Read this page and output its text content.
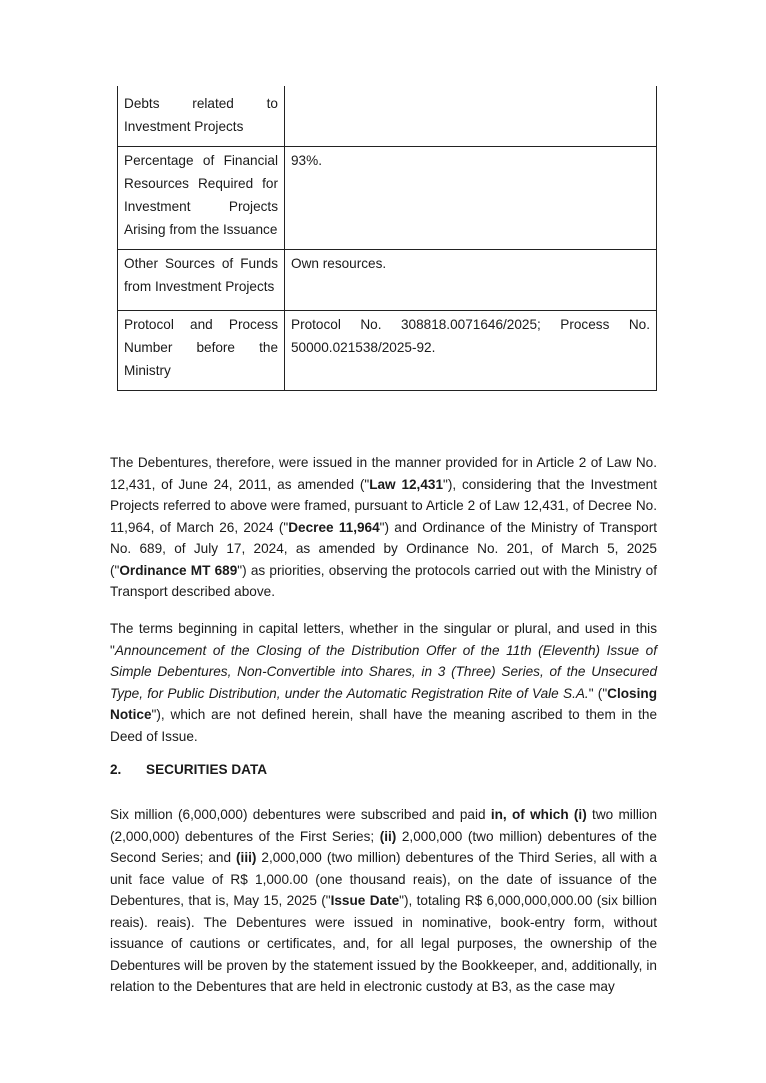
Debts related to Investment Projects	
Percentage of Financial Resources Required for Investment Projects Arising from the Issuance	93%.
Other Sources of Funds from Investment Projects	Own resources.
Protocol and Process Number before the Ministry	Protocol No. 308818.0071646/2025; Process No. 50000.021538/2025-92.

The Debentures, therefore, were issued in the manner provided for in Article 2 of Law No. 12,431, of June 24, 2011, as amended ("Law 12,431"), considering that the Investment Projects referred to above were framed, pursuant to Article 2 of Law 12,431, of Decree No. 11,964, of March 26, 2024 ("Decree 11,964") and Ordinance of the Ministry of Transport No. 689, of July 17, 2024, as amended by Ordinance No. 201, of March 5, 2025 ("Ordinance MT 689") as priorities, observing the protocols carried out with the Ministry of Transport described above.

The terms beginning in capital letters, whether in the singular or plural, and used in this "Announcement of the Closing of the Distribution Offer of the 11th (Eleventh) Issue of Simple Debentures, Non-Convertible into Shares, in 3 (Three) Series, of the Unsecured Type, for Public Distribution, under the Automatic Registration Rite of Vale S.A." ("Closing Notice"), which are not defined herein, shall have the meaning ascribed to them in the Deed of Issue.

2. SECURITIES DATA

Six million (6,000,000) debentures were subscribed and paid in, of which (i) two million (2,000,000) debentures of the First Series; (ii) 2,000,000 (two million) debentures of the Second Series; and (iii) 2,000,000 (two million) debentures of the Third Series, all with a unit face value of R$ 1,000.00 (one thousand reais), on the date of issuance of the Debentures, that is, May 15, 2025 ("Issue Date"), totaling R$ 6,000,000,000.00 (six billion reais). reais). The Debentures were issued in nominative, book-entry form, without issuance of cautions or certificates, and, for all legal purposes, the ownership of the Debentures will be proven by the statement issued by the Bookkeeper, and, additionally, in relation to the Debentures that are held in electronic custody at B3, as the case may
